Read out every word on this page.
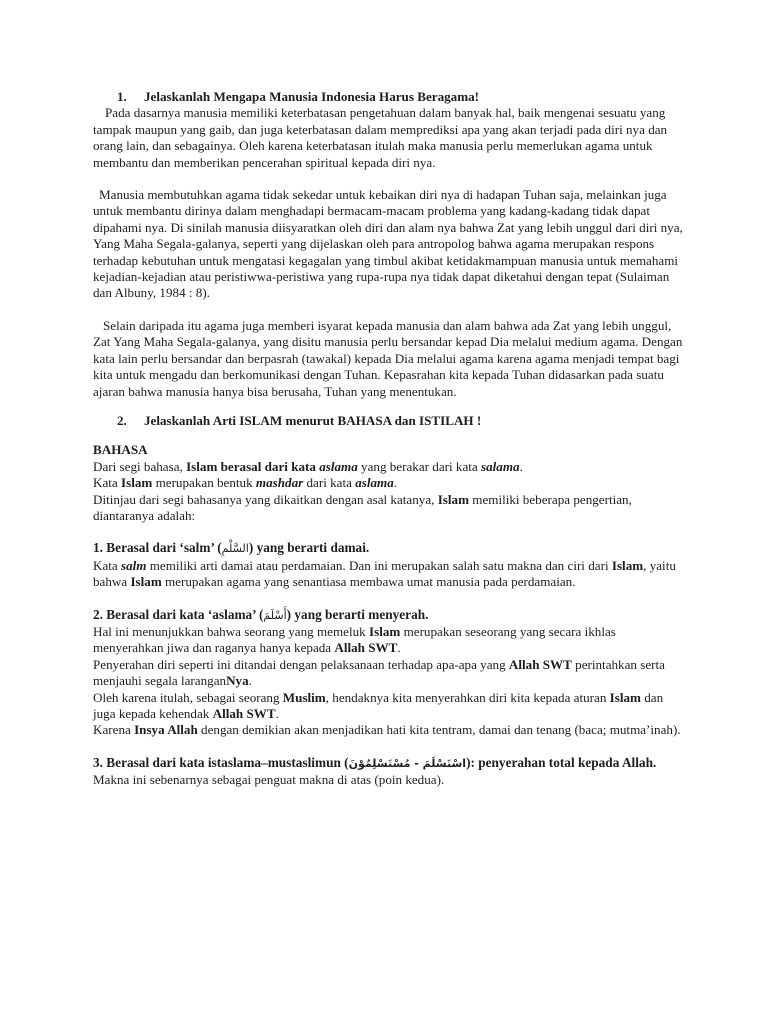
1. Jelaskanlah Mengapa Manusia Indonesia Harus Beragama!

Pada dasarnya manusia memiliki keterbatasan pengetahuan dalam banyak hal, baik mengenai sesuatu yang tampak maupun yang gaib, dan juga keterbatasan dalam memprediksi apa yang akan terjadi pada diri nya dan orang lain, dan sebagainya. Oleh karena keterbatasan itulah maka manusia perlu memerlukan agama untuk membantu dan memberikan pencerahan spiritual kepada diri nya.

Manusia membutuhkan agama tidak sekedar untuk kebaikan diri nya di hadapan Tuhan saja, melainkan juga untuk membantu dirinya dalam menghadapi bermacam-macam problema yang kadang-kadang tidak dapat dipahami nya. Di sinilah manusia diisyaratkan oleh diri dan alam nya bahwa Zat yang lebih unggul dari diri nya, Yang Maha Segala-galanya, seperti yang dijelaskan oleh para antropolog bahwa agama merupakan respons terhadap kebutuhan untuk mengatasi kegagalan yang timbul akibat ketidakmampuan manusia untuk memahami kejadian-kejadian atau peristiwwa-peristiwa yang rupa-rupa nya tidak dapat diketahui dengan tepat (Sulaiman dan Albuny, 1984 : 8).

Selain daripada itu agama juga memberi isyarat kepada manusia dan alam bahwa ada Zat yang lebih unggul, Zat Yang Maha Segala-galanya, yang disitu manusia perlu bersandar kepad Dia melalui medium agama. Dengan kata lain perlu bersandar dan berpasrah (tawakal) kepada Dia melalui agama karena agama menjadi tempat bagi kita untuk mengadu dan berkomunikasi dengan Tuhan. Kepasrahan kita kepada Tuhan didasarkan pada suatu ajaran bahwa manusia hanya bisa berusaha, Tuhan yang menentukan.

2. Jelaskanlah Arti ISLAM menurut BAHASA dan ISTILAH !
BAHASA

Dari segi bahasa, Islam berasal dari kata aslama yang berakar dari kata salama.

Kata Islam merupakan bentuk mashdar dari kata aslama.

Ditinjau dari segi bahasanya yang dikaitkan dengan asal katanya, Islam memiliki beberapa pengertian, diantaranya adalah:

1. Berasal dari ‘salm’ (السَّلْمِ) yang berarti damai.

Kata salm memiliki arti damai atau perdamaian. Dan ini merupakan salah satu makna dan ciri dari Islam, yaitu bahwa Islam merupakan agama yang senantiasa membawa umat manusia pada perdamaian.

2. Berasal dari kata ‘aslama’ (أَسْلَمَ) yang berarti menyerah.

Hal ini menunjukkan bahwa seorang yang memeluk Islam merupakan seseorang yang secara ikhlas menyerahkan jiwa dan raganya hanya kepada Allah SWT.

Penyerahan diri seperti ini ditandai dengan pelaksanaan terhadap apa-apa yang Allah SWT perintahkan serta menjauhi segala laranganNya.

Oleh karena itulah, sebagai seorang Muslim, hendaknya kita menyerahkan diri kita kepada aturan Islam dan juga kepada kehendak Allah SWT.

Karena Insya Allah dengan demikian akan menjadikan hati kita tentram, damai dan tenang (baca; mutma’inah).

3. Berasal dari kata istaslama–mustaslimun (اسْتَسْلَمَ - مُسْتَسْلِمُوْنَ): penyerahan total kepada Allah.

Makna ini sebenarnya sebagai penguat makna di atas (poin kedua).
